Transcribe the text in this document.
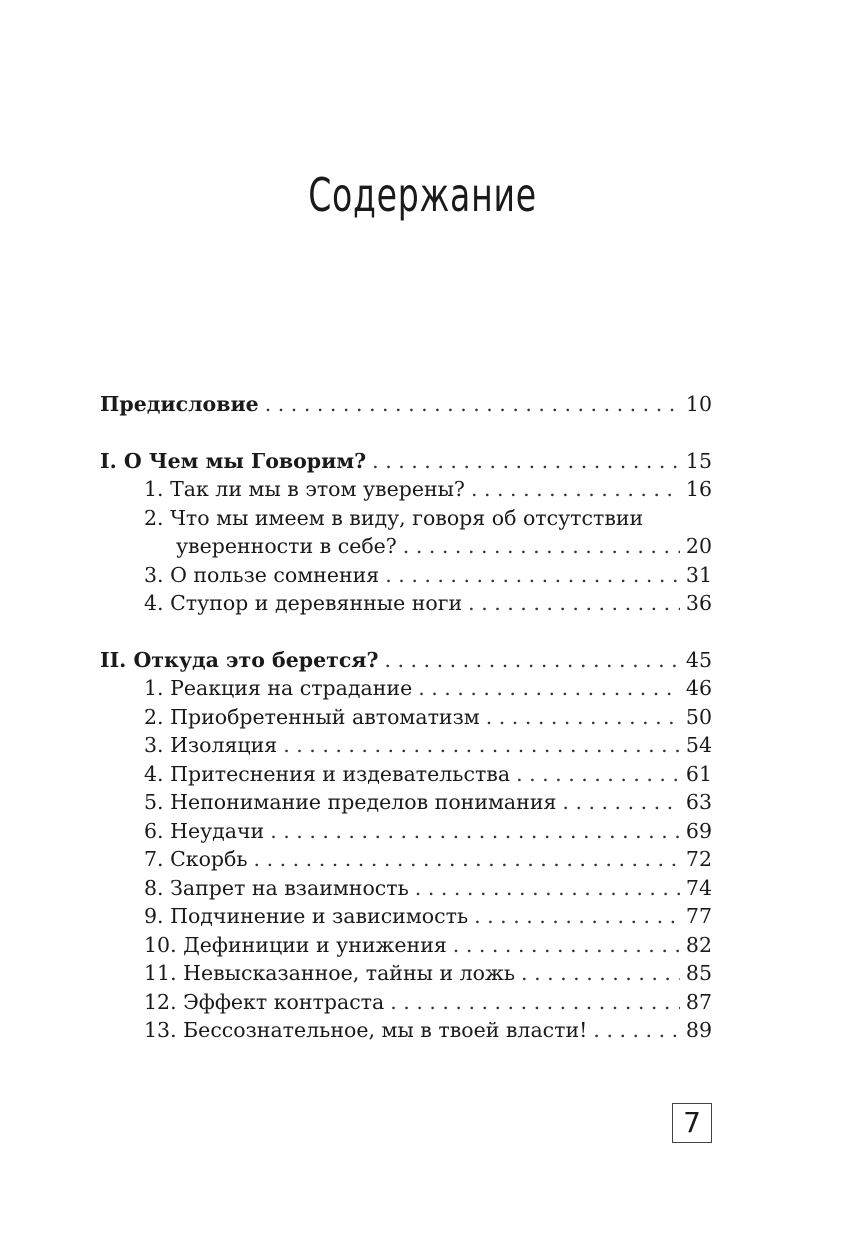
Содержание
Предисловие . . .	10
I. О Чем мы Говорим? . . .	15
1. Так ли мы в этом уверены? . . .	16
2. Что мы имеем в виду, говоря об отсутствии
уверенности в себе? . . .	20
3. О пользе сомнения . . .	31
4. Ступор и деревянные ноги . . .	36
II. Откуда это берется? . . .	45
1. Реакция на страдание . . .	46
2. Приобретенный автоматизм . . .	50
3. Изоляция . . .	54
4. Притеснения и издевательства . . .	61
5. Непонимание пределов понимания . . .	63
6. Неудачи . . .	69
7. Скорбь . . .	72
8. Запрет на взаимность . . .	74
9. Подчинение и зависимость . . .	77
10. Дефиниции и унижения . . .	82
11. Невысказанное, тайны и ложь . . .	85
12. Эффект контраста . . .	87
13. Бессознательное, мы в твоей власти! . . .	89
7
